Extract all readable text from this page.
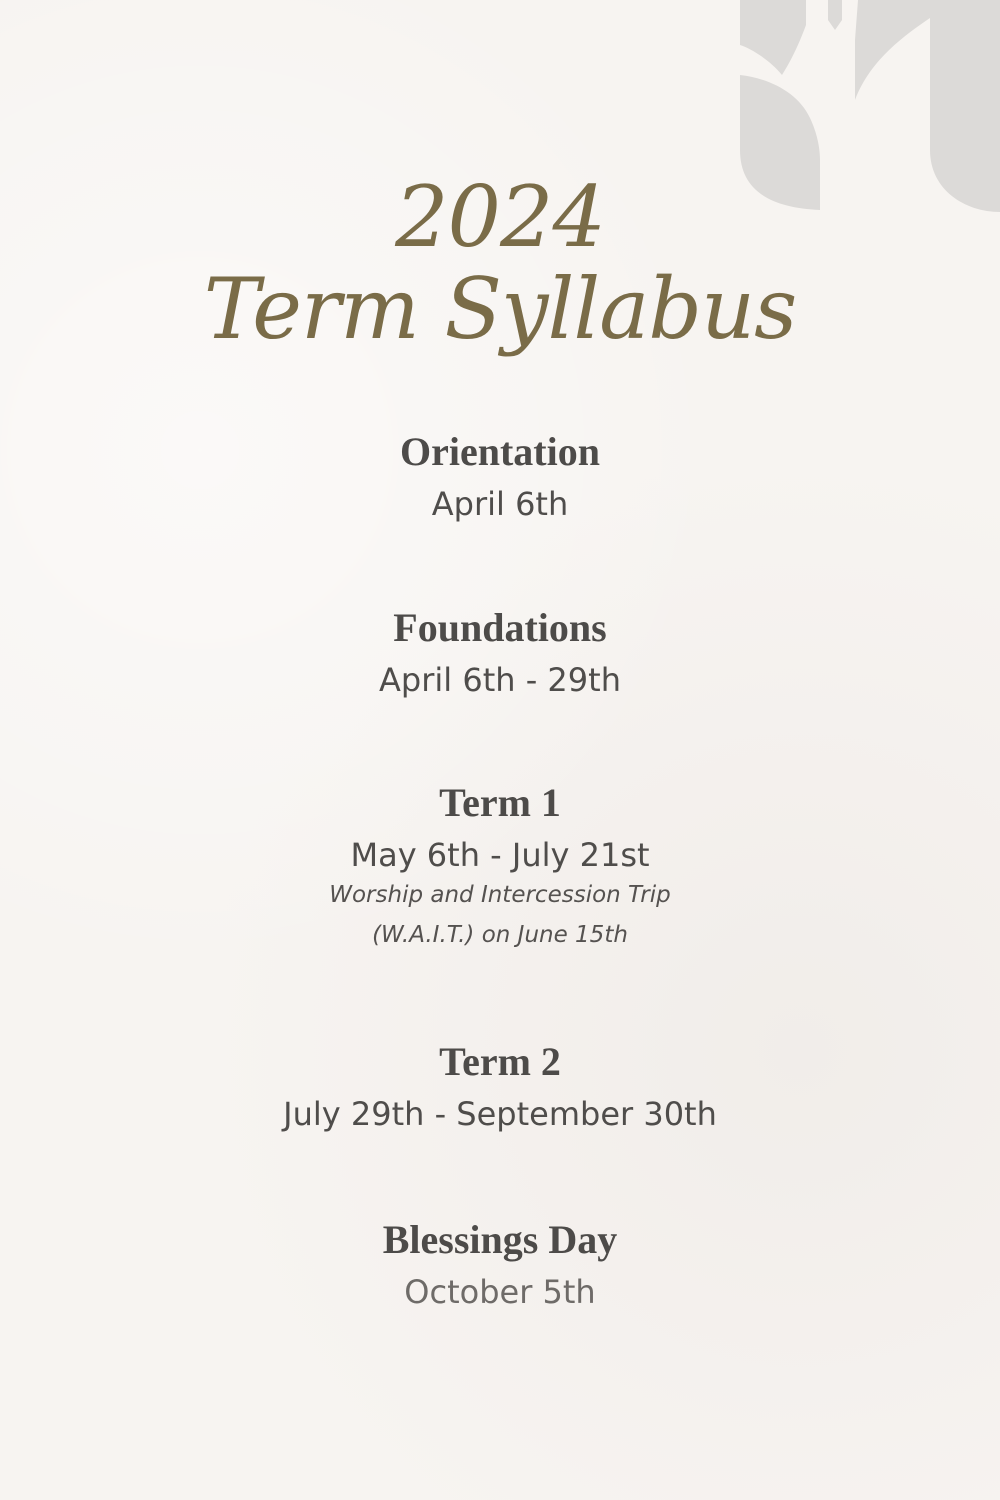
2024
Term Syllabus
Orientation
April 6th
Foundations
April 6th - 29th
Term 1
May 6th - July 21st
Worship and Intercession Trip
(W.A.I.T.) on June 15th
Term 2
July 29th - September 30th
Blessings Day
October 5th
